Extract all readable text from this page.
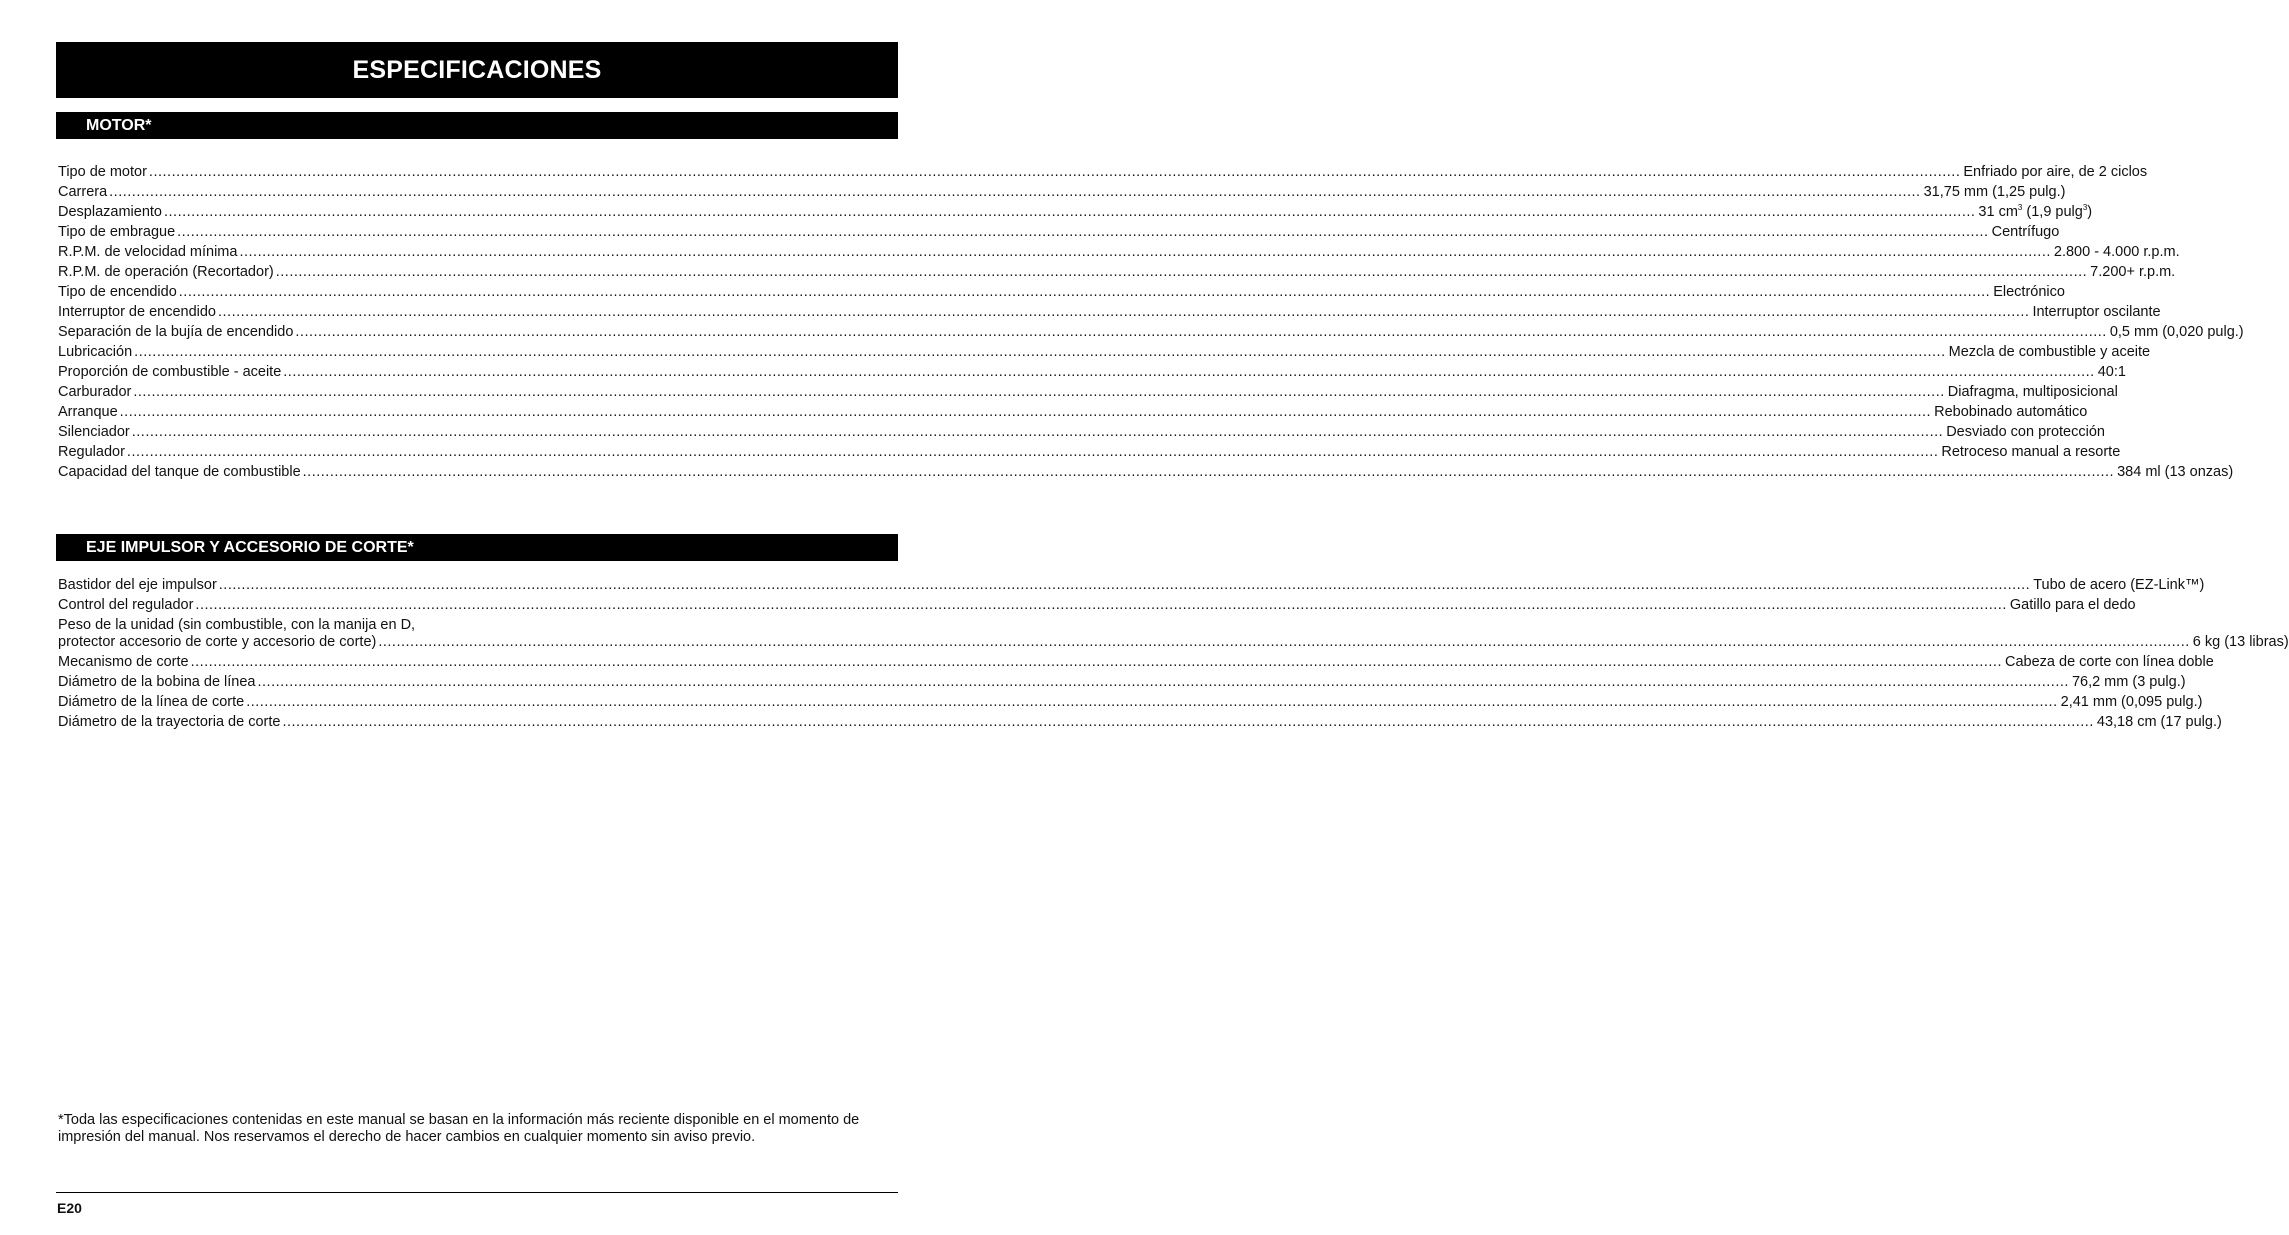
ESPECIFICACIONES
MOTOR*
Tipo de motor ................................................................................................................................................................................................................................................................................................................................................................................................................ Enfriado por aire, de 2 ciclos
Carrera ................................................................................................................................................................................................................................................................................................................................................................................................................ 31,75 mm (1,25 pulg.)
Desplazamiento ................................................................................................................................................................................................................................................................................................................................................................................................................ 31 $cm^3$ (1,9 pulg$^3$)
Tipo de embrague ................................................................................................................................................................................................................................................................................................................................................................................................................ Centrífugo
R.P.M. de velocidad mínima ................................................................................................................................................................................................................................................................................................................................................................................................................ 2.800 - 4.000 r.p.m.
R.P.M. de operación (Recortador) ................................................................................................................................................................................................................................................................................................................................................................................................................ 7.200+ r.p.m.
Tipo de encendido ................................................................................................................................................................................................................................................................................................................................................................................................................ Electrónico
Interruptor de encendido ................................................................................................................................................................................................................................................................................................................................................................................................................ Interruptor oscilante
Separación de la bujía de encendido ................................................................................................................................................................................................................................................................................................................................................................................................................ 0,5 mm (0,020 pulg.)
Lubricación ................................................................................................................................................................................................................................................................................................................................................................................................................ Mezcla de combustible y aceite
Proporción de combustible - aceite ................................................................................................................................................................................................................................................................................................................................................................................................................ 40:1
Carburador ................................................................................................................................................................................................................................................................................................................................................................................................................ Diafragma, multiposicional
Arranque ................................................................................................................................................................................................................................................................................................................................................................................................................ Rebobinado automático
Silenciador ................................................................................................................................................................................................................................................................................................................................................................................................................ Desviado con protección
Regulador ................................................................................................................................................................................................................................................................................................................................................................................................................ Retroceso manual a resorte
Capacidad del tanque de combustible ................................................................................................................................................................................................................................................................................................................................................................................................................ 384 ml (13 onzas)
EJE IMPULSOR Y ACCESORIO DE CORTE*
Bastidor del eje impulsor ................................................................................................................................................................................................................................................................................................................................................................................................................ Tubo de acero (EZ-Link™)
Control del regulador ................................................................................................................................................................................................................................................................................................................................................................................................................ Gatillo para el dedo
Peso de la unidad (sin combustible, con la manija en D,
protector accesorio de corte y accesorio de corte) ................................................................................................................................................................................................................................................................................................................................................................................................................ 6 kg (13 libras)
Mecanismo de corte ................................................................................................................................................................................................................................................................................................................................................................................................................ Cabeza de corte con línea doble
Diámetro de la bobina de línea ................................................................................................................................................................................................................................................................................................................................................................................................................ 76,2 mm (3 pulg.)
Diámetro de la línea de corte ................................................................................................................................................................................................................................................................................................................................................................................................................ 2,41 mm (0,095 pulg.)
Diámetro de la trayectoria de corte ................................................................................................................................................................................................................................................................................................................................................................................................................ 43,18 cm (17 pulg.)
*Toda las especificaciones contenidas en este manual se basan en la información más reciente disponible en el momento de impresión del manual. Nos reservamos el derecho de hacer cambios en cualquier momento sin aviso previo.
E20
